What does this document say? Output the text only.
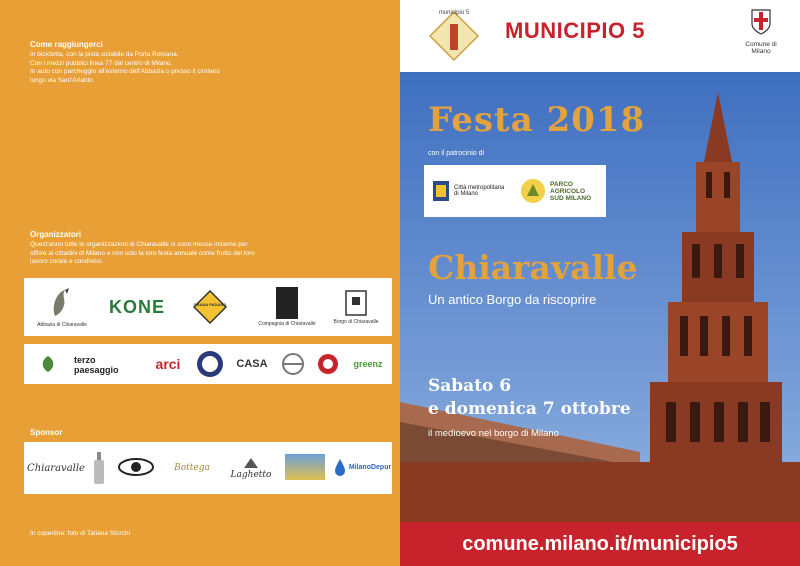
Come raggiungerci
In bicicletta, con la pista ciclabile da Porta Romana.
Con i mezzi pubblici linea 77 dal centro di Milano.
In auto con parcheggio all'esterno dell'Abbazia o presso il cimitero
lungo via Sant'Arialdo.
Organizzatori
Quest'anno tutte le organizzazioni di Chiaravalle si sono messe insieme per
offrire ai cittadini di Milano e non solo la loro festa annuale come frutto del loro
lavoro corale e condiviso.
Abbazia di Chiaravalle
KONE	GRANA PADANO
Compagnia di Chiaravalle	Borgo di Chiaravalle
terzo paesaggio	arci	CASA	greenz
Sponsor
Chiaravalle	Bottega
Laghetto
MilanoDepur
In copertina: foto di Tatiana Storchi
municipio 5
MUNICIPIO 5
Comune di Milano
Festa 2018
con il patrocinio di
Città metropolitana di Milano
PARCO AGRICOLO SUD MILANO
Chiaravalle
Un antico Borgo da riscoprire
Sabato 6
e domenica 7 ottobre
il medioevo nel borgo di Milano
comune.milano.it/municipio5
